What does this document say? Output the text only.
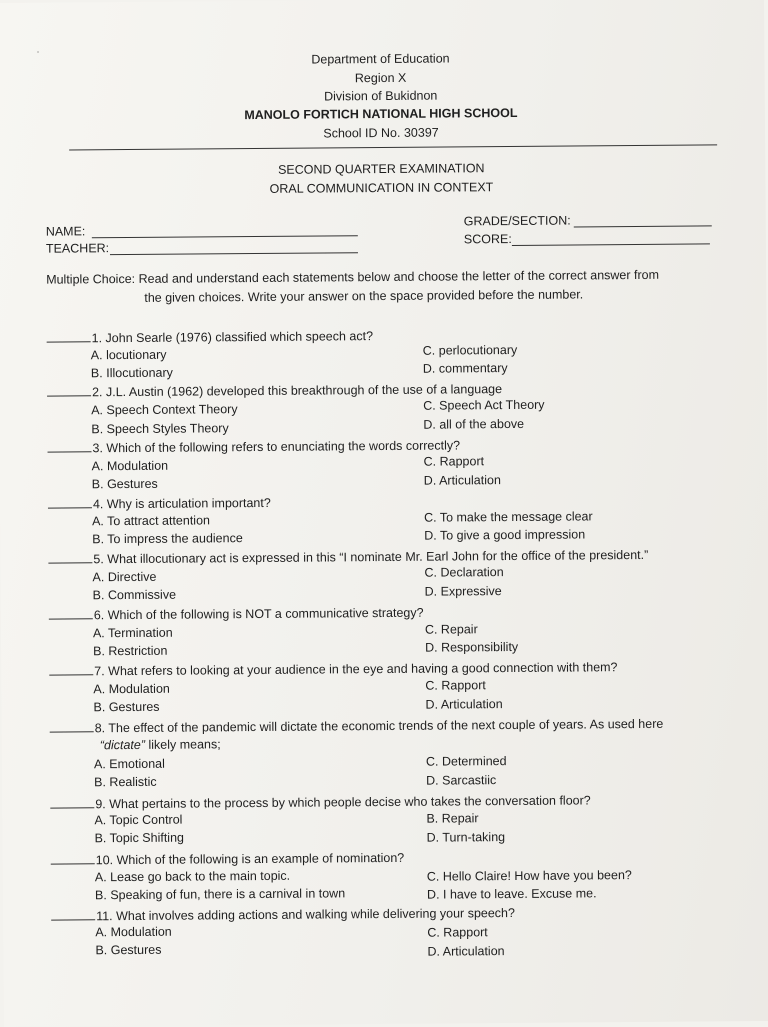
·	Department of Education
Region X
Division of Bukidnon
MANOLO FORTICH NATIONAL HIGH SCHOOL
School ID No. 30397
SECOND QUARTER EXAMINATION
ORAL COMMUNICATION IN CONTEXT
NAME:
TEACHER:
GRADE/SECTION:
SCORE:
Multiple Choice: Read and understand each statements below and choose the letter of the correct answer from
the given choices. Write your answer on the space provided before the number.
1. John Searle (1976) classified which speech act?
A. locutionary	C. perlocutionary
B. Illocutionary	D. commentary
2. J.L. Austin (1962) developed this breakthrough of the use of a language
A. Speech Context Theory	C. Speech Act Theory
B. Speech Styles Theory	D. all of the above
3. Which of the following refers to enunciating the words correctly?
A. Modulation	C. Rapport
B. Gestures	D. Articulation
4. Why is articulation important?
A. To attract attention	C. To make the message clear
B. To impress the audience	D. To give a good impression
5. What illocutionary act is expressed in this “I nominate Mr. Earl John for the office of the president.”
A. Directive	C. Declaration
B. Commissive	D. Expressive
6. Which of the following is NOT a communicative strategy?
A. Termination	C. Repair
B. Restriction	D. Responsibility
7. What refers to looking at your audience in the eye and having a good connection with them?
A. Modulation	C. Rapport
B. Gestures	D. Articulation
8. The effect of the pandemic will dictate the economic trends of the next couple of years. As used here
“dictate” likely means;
A. Emotional	C. Determined
B. Realistic	D. Sarcastiic
9. What pertains to the process by which people decise who takes the conversation floor?
A. Topic Control	B. Repair
B. Topic Shifting	D. Turn-taking
10. Which of the following is an example of nomination?
A. Lease go back to the main topic.	C. Hello Claire! How have you been?
B. Speaking of fun, there is a carnival in town	D. I have to leave. Excuse me.
11. What involves adding actions and walking while delivering your speech?
A. Modulation	C. Rapport
B. Gestures	D. Articulation
